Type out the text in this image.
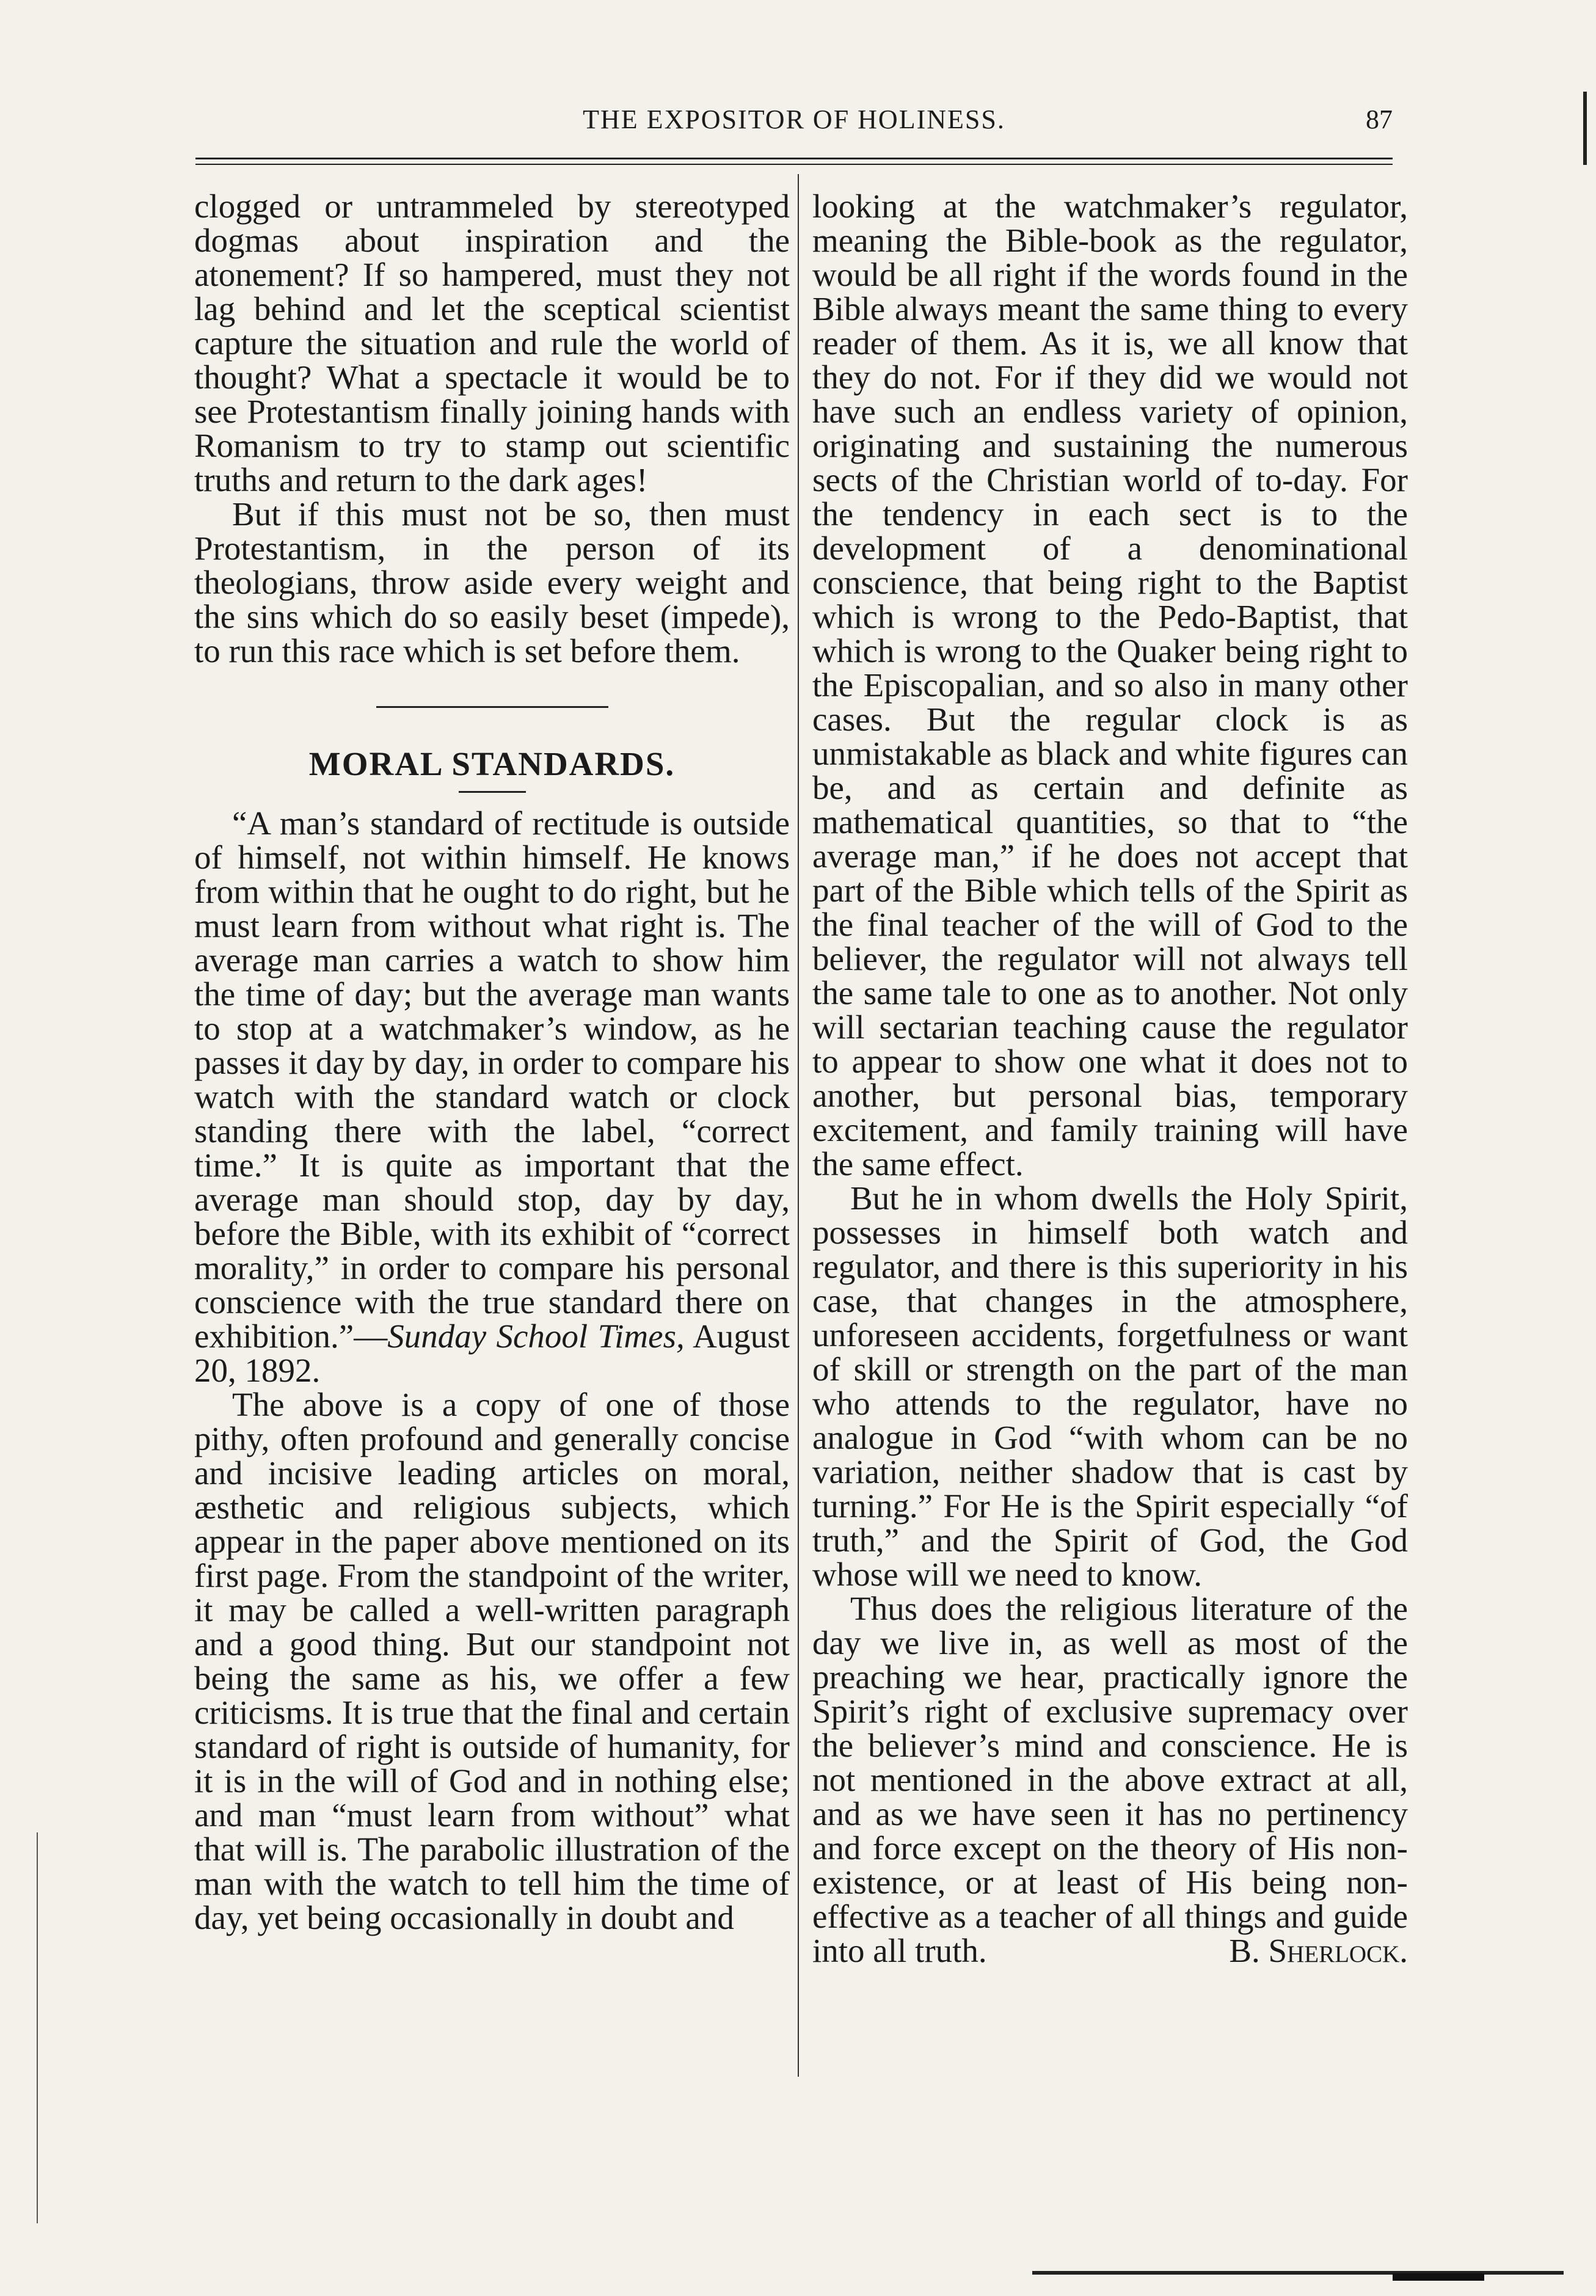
THE EXPOSITOR OF HOLINESS.	87

clogged or untrammeled by stereotyped dogmas about inspiration and the atonement? If so hampered, must they not lag behind and let the sceptical scientist capture the situation and rule the world of thought? What a spectacle it would be to see Protestantism finally joining hands with Romanism to try to stamp out scientific truths and return to the dark ages!

But if this must not be so, then must Protestantism, in the person of its theologians, throw aside every weight and the sins which do so easily beset (impede), to run this race which is set before them.

MORAL STANDARDS.

“A man’s standard of rectitude is outside of himself, not within himself. He knows from within that he ought to do right, but he must learn from without what right is. The average man carries a watch to show him the time of day; but the average man wants to stop at a watchmaker’s window, as he passes it day by day, in order to compare his watch with the standard watch or clock standing there with the label, “correct time.” It is quite as important that the average man should stop, day by day, before the Bible, with its exhibit of “correct morality,” in order to compare his personal conscience with the true standard there on exhibition.”—Sunday School Times, August 20, 1892.

The above is a copy of one of those pithy, often profound and generally concise and incisive leading articles on moral, æsthetic and religious subjects, which appear in the paper above mentioned on its first page. From the standpoint of the writer, it may be called a well-written paragraph and a good thing. But our standpoint not being the same as his, we offer a few criticisms. It is true that the final and certain standard of right is outside of humanity, for it is in the will of God and in nothing else; and man “must learn from without” what that will is. The parabolic illustration of the man with the watch to tell him the time of day, yet being occasionally in doubt and

looking at the watchmaker’s regulator, meaning the Bible-book as the regulator, would be all right if the words found in the Bible always meant the same thing to every reader of them. As it is, we all know that they do not. For if they did we would not have such an endless variety of opinion, originating and sustaining the numerous sects of the Christian world of to-day. For the tendency in each sect is to the development of a denominational conscience, that being right to the Baptist which is wrong to the Pedo-Baptist, that which is wrong to the Quaker being right to the Episcopalian, and so also in many other cases. But the regular clock is as unmistakable as black and white figures can be, and as certain and definite as mathematical quantities, so that to “the average man,” if he does not accept that part of the Bible which tells of the Spirit as the final teacher of the will of God to the believer, the regulator will not always tell the same tale to one as to another. Not only will sectarian teaching cause the regulator to appear to show one what it does not to another, but personal bias, temporary excitement, and family training will have the same effect.

But he in whom dwells the Holy Spirit, possesses in himself both watch and regulator, and there is this superiority in his case, that changes in the atmosphere, unforeseen accidents, forgetfulness or want of skill or strength on the part of the man who attends to the regulator, have no analogue in God “with whom can be no variation, neither shadow that is cast by turning.” For He is the Spirit especially “of truth,” and the Spirit of God, the God whose will we need to know.

Thus does the religious literature of the day we live in, as well as most of the preaching we hear, practically ignore the Spirit’s right of exclusive supremacy over the believer’s mind and conscience. He is not mentioned in the above extract at all, and as we have seen it has no pertinency and force except on the theory of His non-existence, or at least of His being non-effective as a teacher of all things and guide into all truth.	B. Sherlock.
